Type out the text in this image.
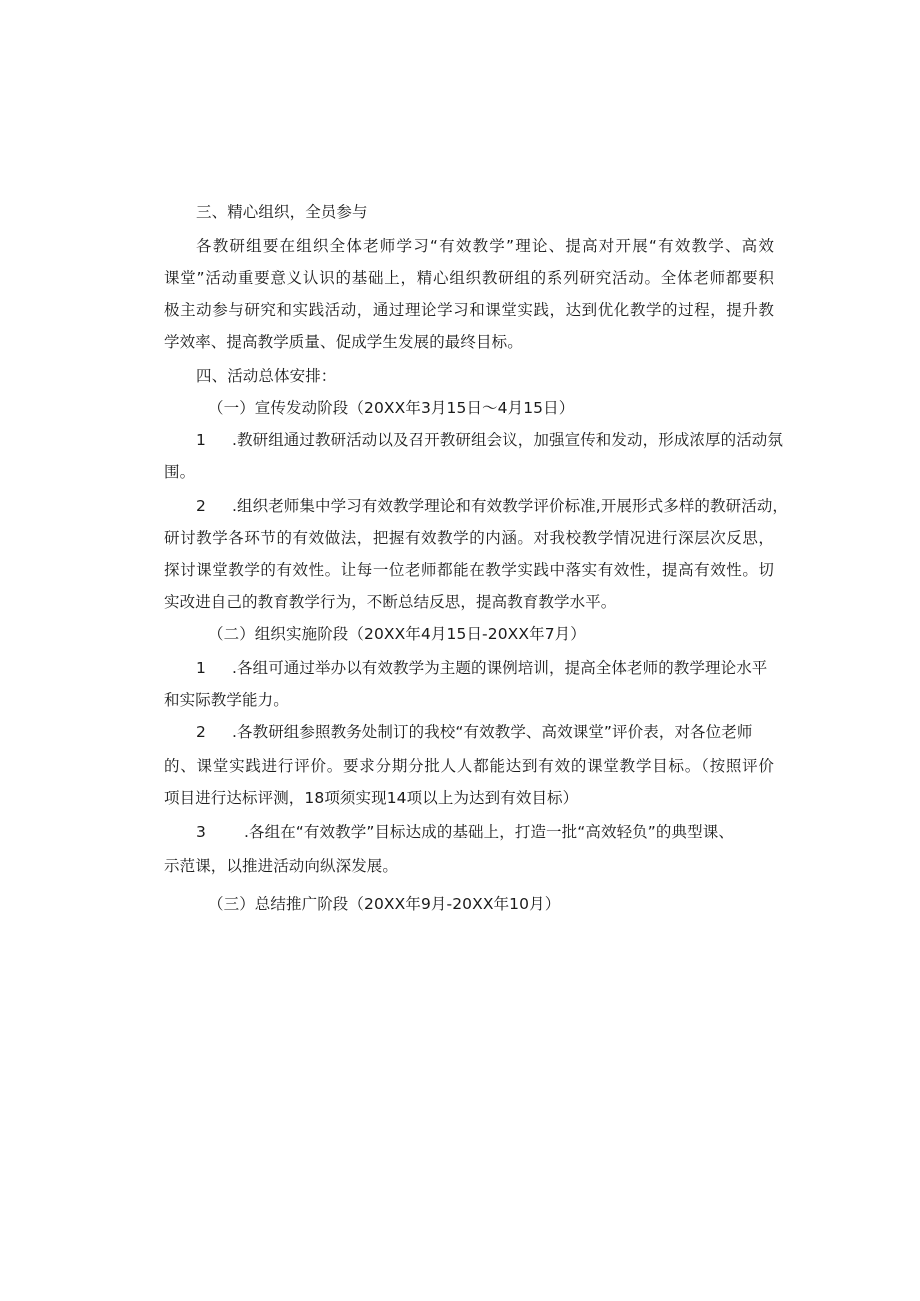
三、精心组织，全员参与
各教研组要在组织全体老师学习“有效教学”理论、提高对开展“有效教学、高效
课堂”活动重要意义认识的基础上，精心组织教研组的系列研究活动。全体老师都要积
极主动参与研究和实践活动，通过理论学习和课堂实践，达到优化教学的过程，提升教
学效率、提高教学质量、促成学生发展的最终目标。
四、活动总体安排：
（一）宣传发动阶段（20XX年3月15日〜4月15日）
1 .教研组通过教研活动以及召开教研组会议，加强宣传和发动，形成浓厚的活动氛
围。
2 .组织老师集中学习有效教学理论和有效教学评价标准,开展形式多样的教研活动，
研讨教学各环节的有效做法，把握有效教学的内涵。对我校教学情况进行深层次反思，
探讨课堂教学的有效性。让每一位老师都能在教学实践中落实有效性，提高有效性。切
实改进自己的教育教学行为，不断总结反思，提高教育教学水平。
（二）组织实施阶段（20XX年4月15日-20XX年7月）
1 .各组可通过举办以有效教学为主题的课例培训，提高全体老师的教学理论水平
和实际教学能力。
2 .各教研组参照教务处制订的我校“有效教学、高效课堂”评价表，对各位老师
的、课堂实践进行评价。要求分期分批人人都能达到有效的课堂教学目标。（按照评价
项目进行达标评测，18项须实现14项以上为达到有效目标）
3 .各组在“有效教学”目标达成的基础上，打造一批“高效轻负”的典型课、
示范课，以推进活动向纵深发展。
（三）总结推广阶段（20XX年9月-20XX年10月）
